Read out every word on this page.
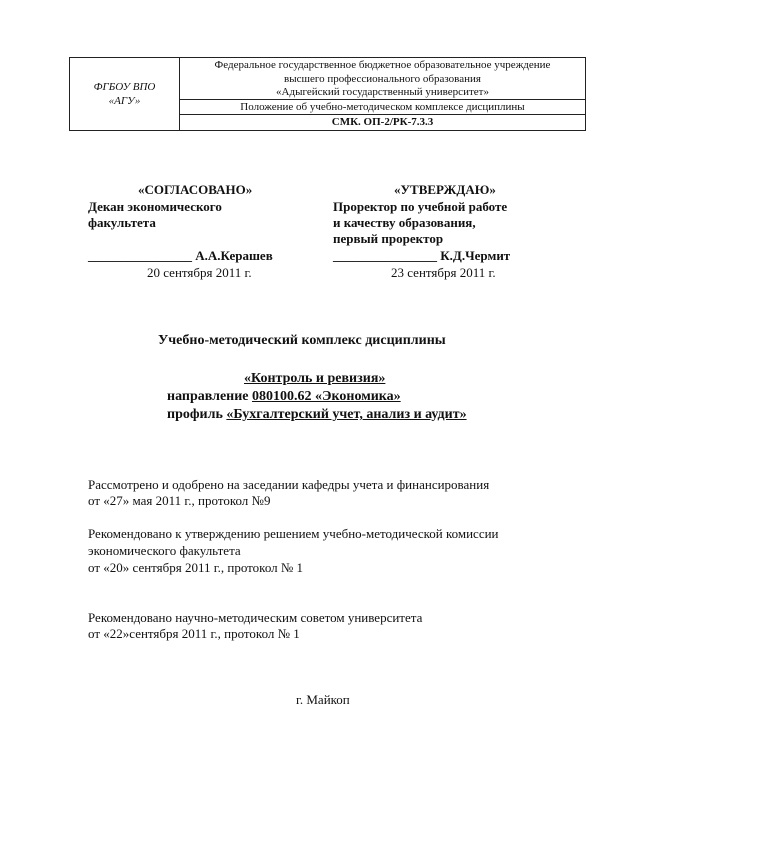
ФГБОУ ВПО
«АГУ»
Федеральное государственное бюджетное образовательное учреждение
высшего профессионального образования
«Адыгейский государственный университет»
Положение об учебно-методическом комплексе дисциплины
СМК. ОП-2/РК-7.3.3
«СОГЛАСОВАНО»
Декан экономического
факультета
________________ А.А.Керашев
20 сентября 2011 г.
«УТВЕРЖДАЮ»
Проректор по учебной работе
и качеству образования,
первый проректор
________________ К.Д.Чермит
23 сентября 2011 г.
Учебно-методический комплекс дисциплины
«Контроль и ревизия»
направление 080100.62 «Экономика»
профиль «Бухгалтерский учет, анализ и аудит»
Рассмотрено и одобрено на заседании кафедры учета и финансирования
от «27» мая 2011 г., протокол №9
Рекомендовано к утверждению решением учебно-методической комиссии
экономического факультета
от «20» сентября 2011 г., протокол № 1
Рекомендовано научно-методическим советом университета
от «22»сентября 2011 г., протокол № 1
г. Майкоп
